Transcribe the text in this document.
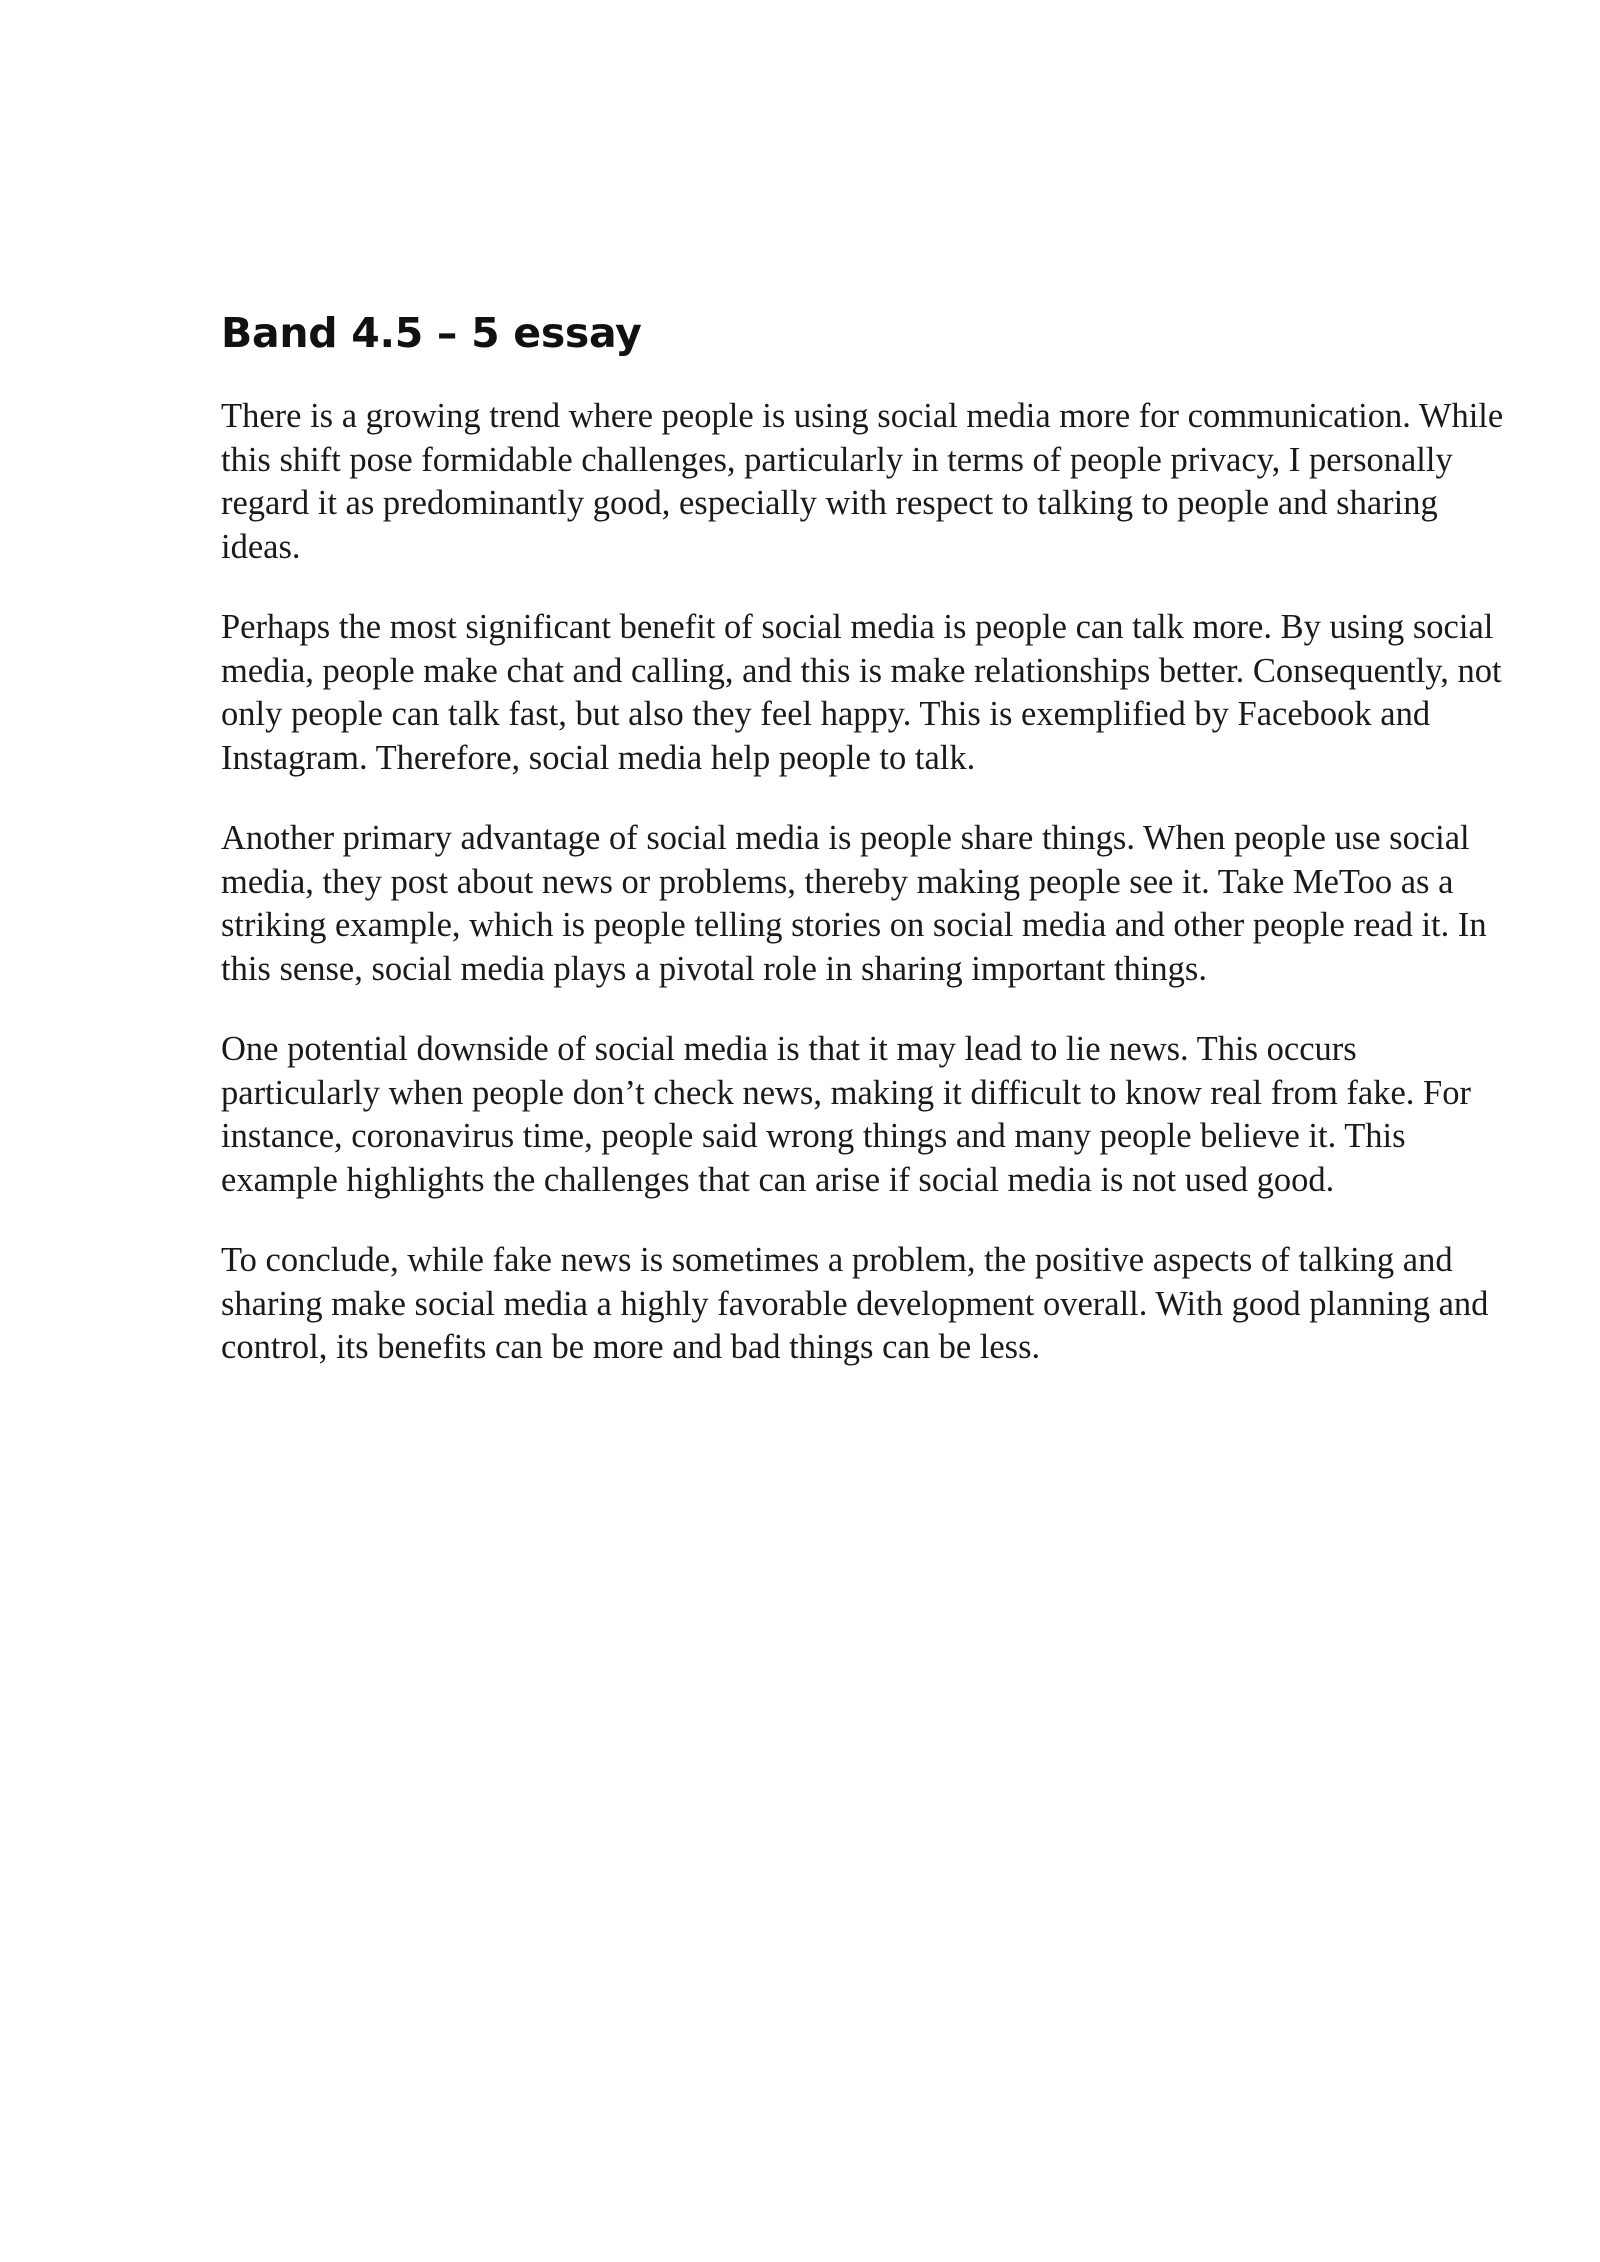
Band 4.5 – 5 essay

There is a growing trend where people is using social media more for communication. While this shift pose formidable challenges, particularly in terms of people privacy, I personally regard it as predominantly good, especially with respect to talking to people and sharing ideas.

Perhaps the most significant benefit of social media is people can talk more. By using social media, people make chat and calling, and this is make relationships better. Consequently, not only people can talk fast, but also they feel happy. This is exemplified by Facebook and Instagram. Therefore, social media help people to talk.

Another primary advantage of social media is people share things. When people use social media, they post about news or problems, thereby making people see it. Take MeToo as a striking example, which is people telling stories on social media and other people read it. In this sense, social media plays a pivotal role in sharing important things.

One potential downside of social media is that it may lead to lie news. This occurs particularly when people don’t check news, making it difficult to know real from fake. For instance, coronavirus time, people said wrong things and many people believe it. This example highlights the challenges that can arise if social media is not used good.

To conclude, while fake news is sometimes a problem, the positive aspects of talking and sharing make social media a highly favorable development overall. With good planning and control, its benefits can be more and bad things can be less.
